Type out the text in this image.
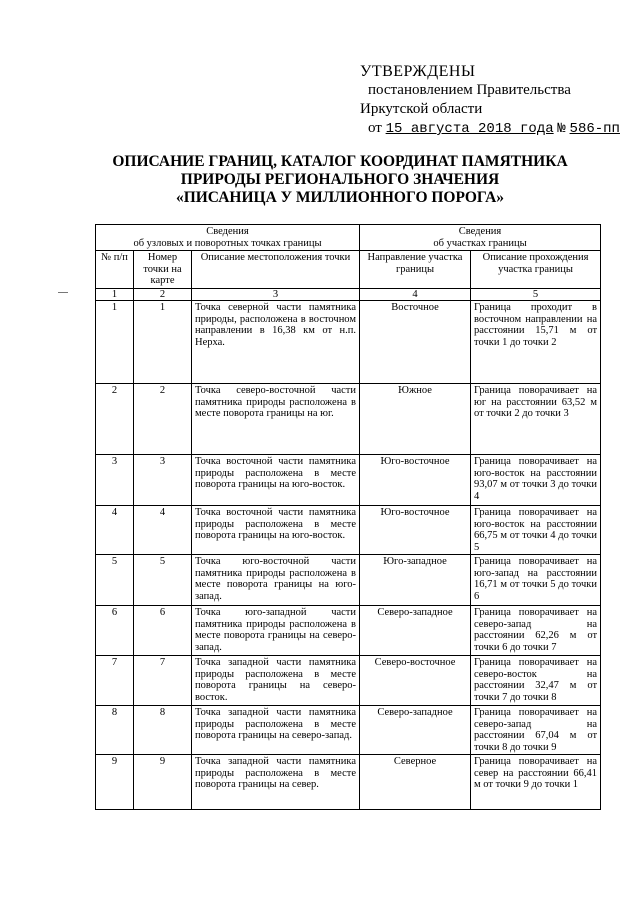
УТВЕРЖДЕНЫ
постановлением Правительства
Иркутской области
от 15 августа 2018 года № 586-пп
ОПИСАНИЕ ГРАНИЦ, КАТАЛОГ КООРДИНАТ ПАМЯТНИКА
ПРИРОДЫ РЕГИОНАЛЬНОГО ЗНАЧЕНИЯ
«ПИСАНИЦА У МИЛЛИОННОГО ПОРОГА»
Сведения
об узловых и поворотных точках границы			Сведения
об участках границы	

№ п/п	Номер точки на карте	Описание местоположения точки	Направление участка границы	Описание прохождения участка границы
1	2	3	4	5
1	1	Точка северной части памятника природы, расположена в восточном направлении в 16,38 км от н.п. Нерха.	Восточное	Граница проходит в восточном направлении на расстоянии 15,71 м от точки 1 до точки 2
2	2	Точка северо-восточной части памятника природы расположена в месте поворота границы на юг.	Южное	Граница поворачивает на юг на расстоянии 63,52 м от точки 2 до точки 3
3	3	Точка восточной части памятника природы расположена в месте поворота границы на юго-восток.	Юго-восточное	Граница поворачивает на юго-восток на расстоянии 93,07 м от точки 3 до точки 4
4	4	Точка восточной части памятника природы расположена в месте поворота границы на юго-восток.	Юго-восточное	Граница поворачивает на юго-восток на расстоянии 66,75 м от точки 4 до точки 5
5	5	Точка юго-восточной части памятника природы расположена в месте поворота границы на юго-запад.	Юго-западное	Граница поворачивает на юго-запад на расстоянии 16,71 м от точки 5 до точки 6
6	6	Точка юго-западной части памятника природы расположена в месте поворота границы на северо-запад.	Северо-западное	Граница поворачивает на северо-запад на расстоянии 62,26 м от точки 6 до точки 7
7	7	Точка западной части памятника природы расположена в месте поворота границы на северо-восток.	Северо-восточное	Граница поворачивает на северо-восток на расстоянии 32,47 м от точки 7 до точки 8
8	8	Точка западной части памятника природы расположена в месте поворота границы на северо-запад.	Северо-западное	Граница поворачивает на северо-запад на расстоянии 67,04 м от точки 8 до точки 9
9	9	Точка западной части памятника природы расположена в месте поворота границы на север.	Северное	Граница поворачивает на север на расстоянии 66,41 м от точки 9 до точки 1
